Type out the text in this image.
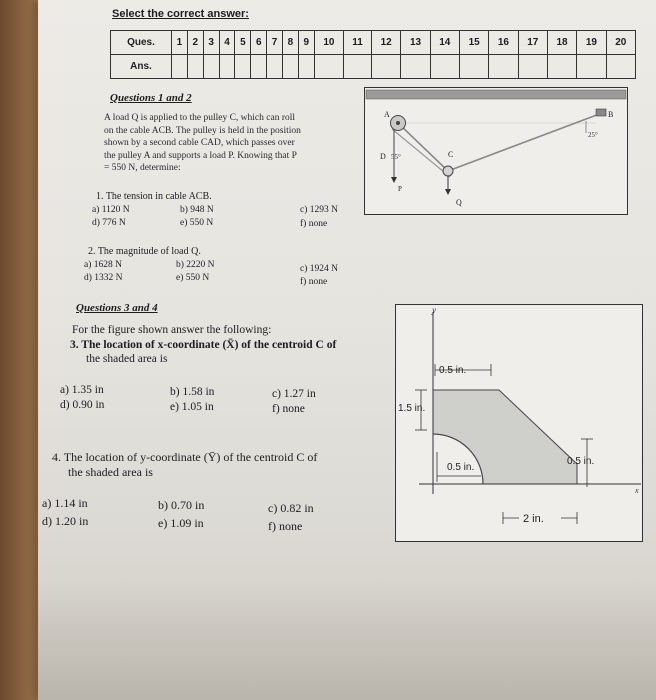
Select the correct answer:
Ques.	1	2	3	4	5	6	7	8	9	10	11	12	13	14	15	16	17	18	19	20
Ans.																				
Questions 1 and 2
A load Q is applied to the pulley C, which can roll
on the cable ACB. The pulley is held in the position
shown by a second cable CAD, which passes over
the pulley A and supports a load P. Knowing that P
= 550 N, determine:
1. The tension in cable ACB.
a) 1120 N	b) 948 N	c) 1293 N
d) 776 N	e) 550 N	f) none
2. The magnitude of load Q.
a) 1628 N	b) 2220 N	c) 1924 N
d) 1332 N	e) 550 N	f) none
A	B
C
D
P
Q
55°
25°
Questions 3 and 4
For the figure shown answer the following:
3. The location of x-coordinate (X̄) of the centroid C of
the shaded area is
a) 1.35 in	b) 1.58 in	c) 1.27 in
d) 0.90 in	e) 1.05 in	f) none
4. The location of y-coordinate (Ȳ) of the centroid C of
the shaded area is
a) 1.14 in	b) 0.70 in	c) 0.82 in
d) 1.20 in	e) 1.09 in	f) none
y
x
0.5 in.
1.5 in.
0.5 in.
0.5 in.
2 in.
